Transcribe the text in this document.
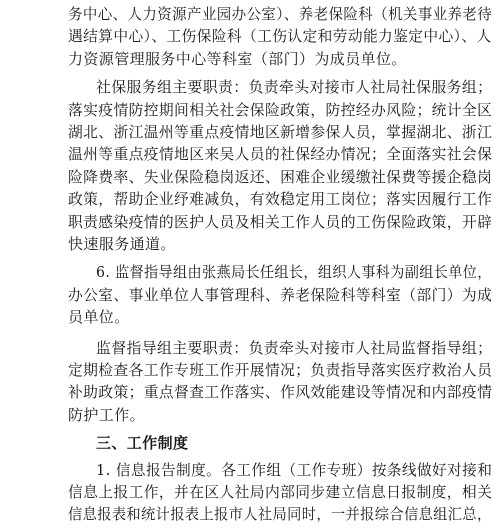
务中心、人力资源产业园办公室）、养老保险科（机关事业养老待
遇结算中心）、工伤保险科（工伤认定和劳动能力鉴定中心）、人
力资源管理服务中心等科室（部门）为成员单位。
社保服务组主要职责：负责牵头对接市人社局社保服务组；
落实疫情防控期间相关社会保险政策，防控经办风险；统计全区
湖北、浙江温州等重点疫情地区新增参保人员，掌握湖北、浙江
温州等重点疫情地区来吴人员的社保经办情况；全面落实社会保
险降费率、失业保险稳岗返还、困难企业缓缴社保费等援企稳岗
政策，帮助企业纾难减负，有效稳定用工岗位；落实因履行工作
职责感染疫情的医护人员及相关工作人员的工伤保险政策，开辟
快速服务通道。
6. 监督指导组由张燕局长任组长，组织人事科为副组长单位，
办公室、事业单位人事管理科、养老保险科等科室（部门）为成
员单位。
监督指导组主要职责：负责牵头对接市人社局监督指导组；
定期检查各工作专班工作开展情况；负责指导落实医疗救治人员
补助政策；重点督查工作落实、作风效能建设等情况和内部疫情
防护工作。
三、工作制度
1. 信息报告制度。各工作组（工作专班）按条线做好对接和
信息上报工作，并在区人社局内部同步建立信息日报制度，相关
信息报表和统计报表上报市人社局同时，一并报综合信息组汇总，
